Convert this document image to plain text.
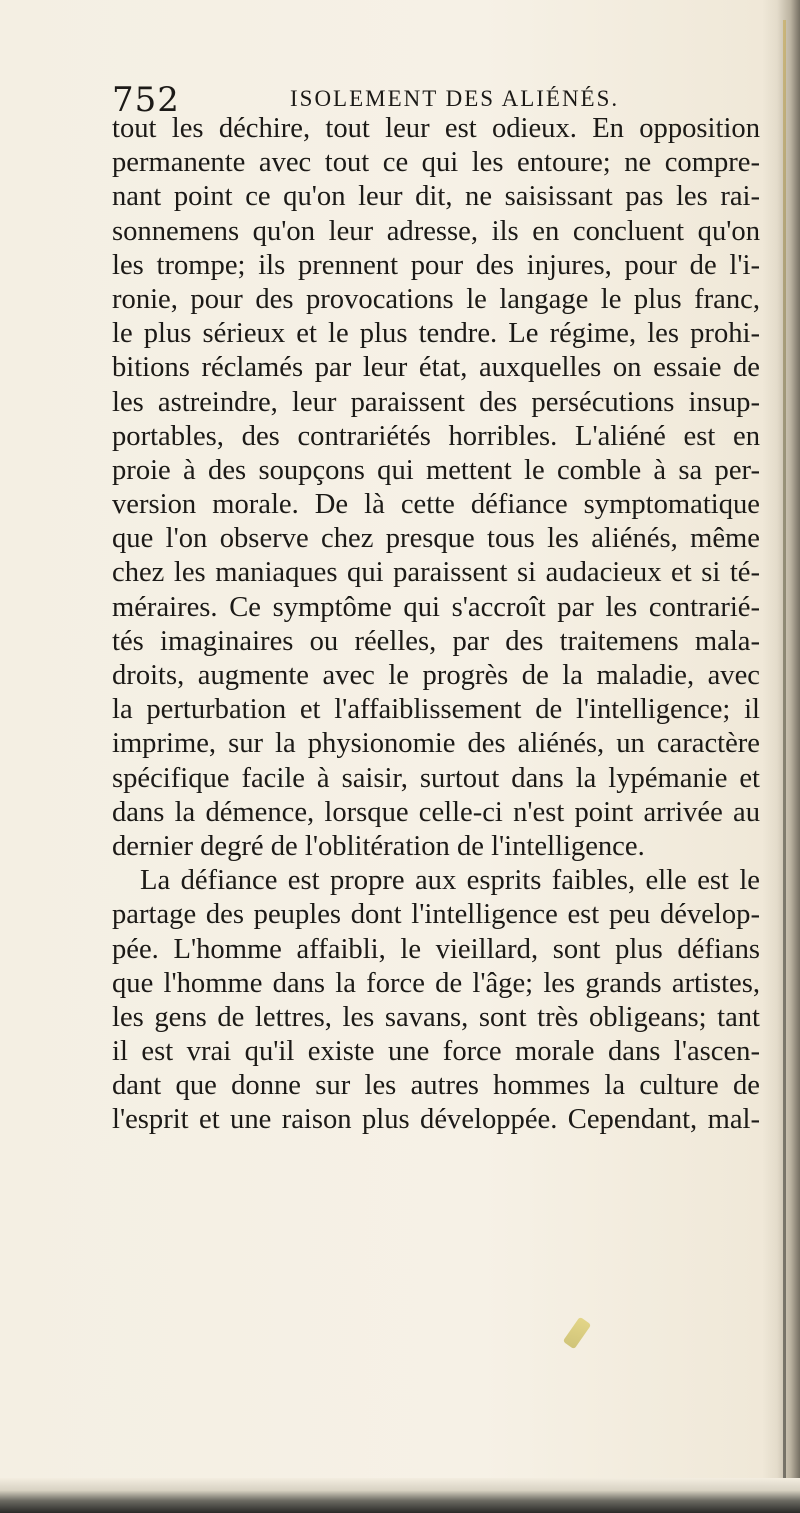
752	ISOLEMENT DES ALIÉNÉS.
tout les déchire, tout leur est odieux. En opposition
permanente avec tout ce qui les entoure; ne compre-
nant point ce qu'on leur dit, ne saisissant pas les rai-
sonnemens qu'on leur adresse, ils en concluent qu'on
les trompe; ils prennent pour des injures, pour de l'i-
ronie, pour des provocations le langage le plus franc,
le plus sérieux et le plus tendre. Le régime, les prohi-
bitions réclamés par leur état, auxquelles on essaie de
les astreindre, leur paraissent des persécutions insup-
portables, des contrariétés horribles. L'aliéné est en
proie à des soupçons qui mettent le comble à sa per-
version morale. De là cette défiance symptomatique
que l'on observe chez presque tous les aliénés, même
chez les maniaques qui paraissent si audacieux et si té-
méraires. Ce symptôme qui s'accroît par les contrarié-
tés imaginaires ou réelles, par des traitemens mala-
droits, augmente avec le progrès de la maladie, avec
la perturbation et l'affaiblissement de l'intelligence; il
imprime, sur la physionomie des aliénés, un caractère
spécifique facile à saisir, surtout dans la lypémanie et
dans la démence, lorsque celle-ci n'est point arrivée au
dernier degré de l'oblitération de l'intelligence.
La défiance est propre aux esprits faibles, elle est le
partage des peuples dont l'intelligence est peu dévelop-
pée. L'homme affaibli, le vieillard, sont plus défians
que l'homme dans la force de l'âge; les grands artistes,
les gens de lettres, les savans, sont très obligeans; tant
il est vrai qu'il existe une force morale dans l'ascen-
dant que donne sur les autres hommes la culture de
l'esprit et une raison plus développée. Cependant, mal-
